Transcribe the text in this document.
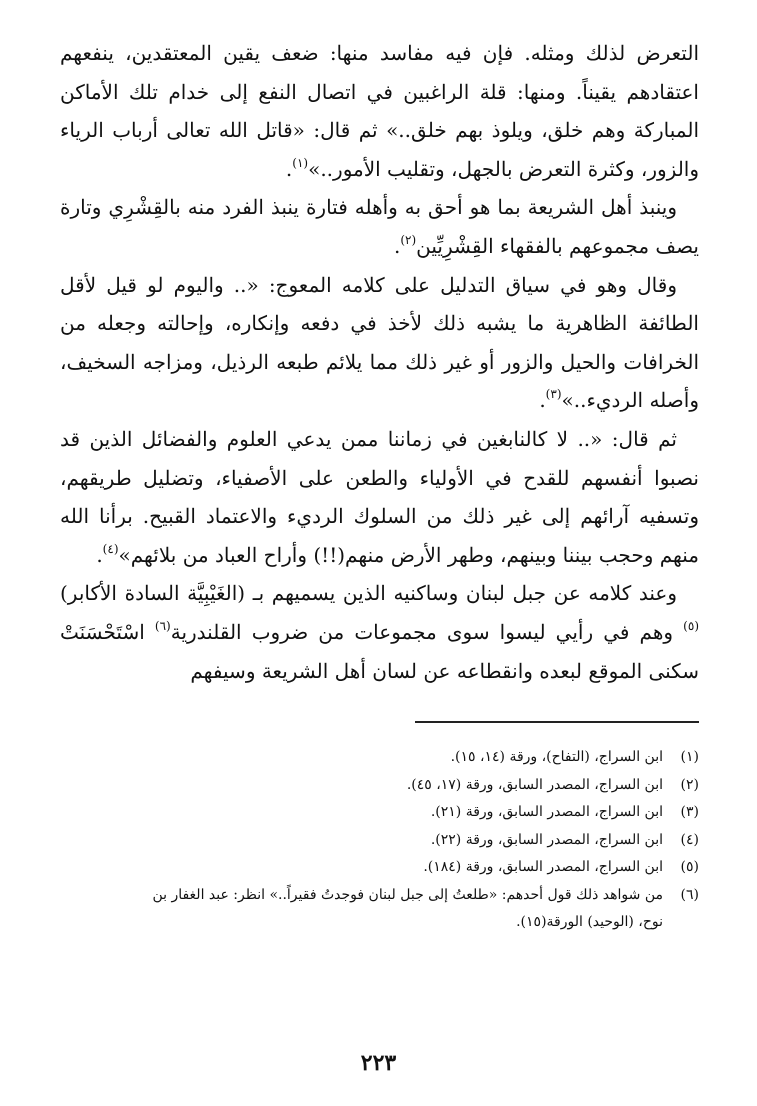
التعرض لذلك ومثله. فإن فيه مفاسد منها: ضعف يقين المعتقدين، ينفعهم اعتقادهم يقيناً. ومنها: قلة الراغبين في اتصال النفع إلى خدام تلك الأماكن المباركة وهم خلق، ويلوذ بهم خلق..» ثم قال: «قاتل الله تعالى أرباب الرياء والزور، وكثرة التعرض بالجهل، وتقليب الأمور..»$^{(١)}$.

وينبذ أهل الشريعة بما هو أحق به وأهله فتارة ينبذ الفرد منه بالقِشْرِي وتارة يصف مجموعهم بالفقهاء القِشْرِيِّين$^{(٢)}$.

وقال وهو في سياق التدليل على كلامه المعوج: «.. واليوم لو قيل لأقل الطائفة الظاهرية ما يشبه ذلك لأخذ في دفعه وإنكاره، وإحالته وجعله من الخرافات والحيل والزور أو غير ذلك مما يلائم طبعه الرذيل، ومزاجه السخيف، وأصله الرديء..»$^{(٣)}$.

ثم قال: «.. لا كالنابغين في زماننا ممن يدعي العلوم والفضائل الذين قد نصبوا أنفسهم للقدح في الأولياء والطعن على الأصفياء، وتضليل طريقهم، وتسفيه آرائهم إلى غير ذلك من السلوك الرديء والاعتماد القبيح. برأنا الله منهم وحجب بيننا وبينهم، وطهر الأرض منهم(!!) وأراح العباد من بلائهم»$^{(٤)}$.

وعند كلامه عن جبل لبنان وساكنيه الذين يسميهم بـ (الغَيْبِيَّة السادة الأكابر)$^{(٥)}$ وهم في رأيي ليسوا سوى مجموعات من ضروب القلندرية$^{(٦)}$ اسْتَحْسَنَتْ سكنى الموقع لبعده وانقطاعه عن لسان أهل الشريعة وسيفهم

(١)
ابن السراج، (التفاح)، ورقة (١٤، ١٥).
(٢)
ابن السراج، المصدر السابق، ورقة (١٧، ٤٥).
(٣)
ابن السراج، المصدر السابق، ورقة (٢١).
(٤)
ابن السراج، المصدر السابق، ورقة (٢٢).
(٥)
ابن السراج، المصدر السابق، ورقة (١٨٤).
(٦)
من شواهد ذلك قول أحدهم: «طلعتُ إلى جبل لبنان فوجدتُ فقيراً..» انظر: عبد الغفار بن
نوح، (الوحيد) الورقة(١٥).
٢٢٣
